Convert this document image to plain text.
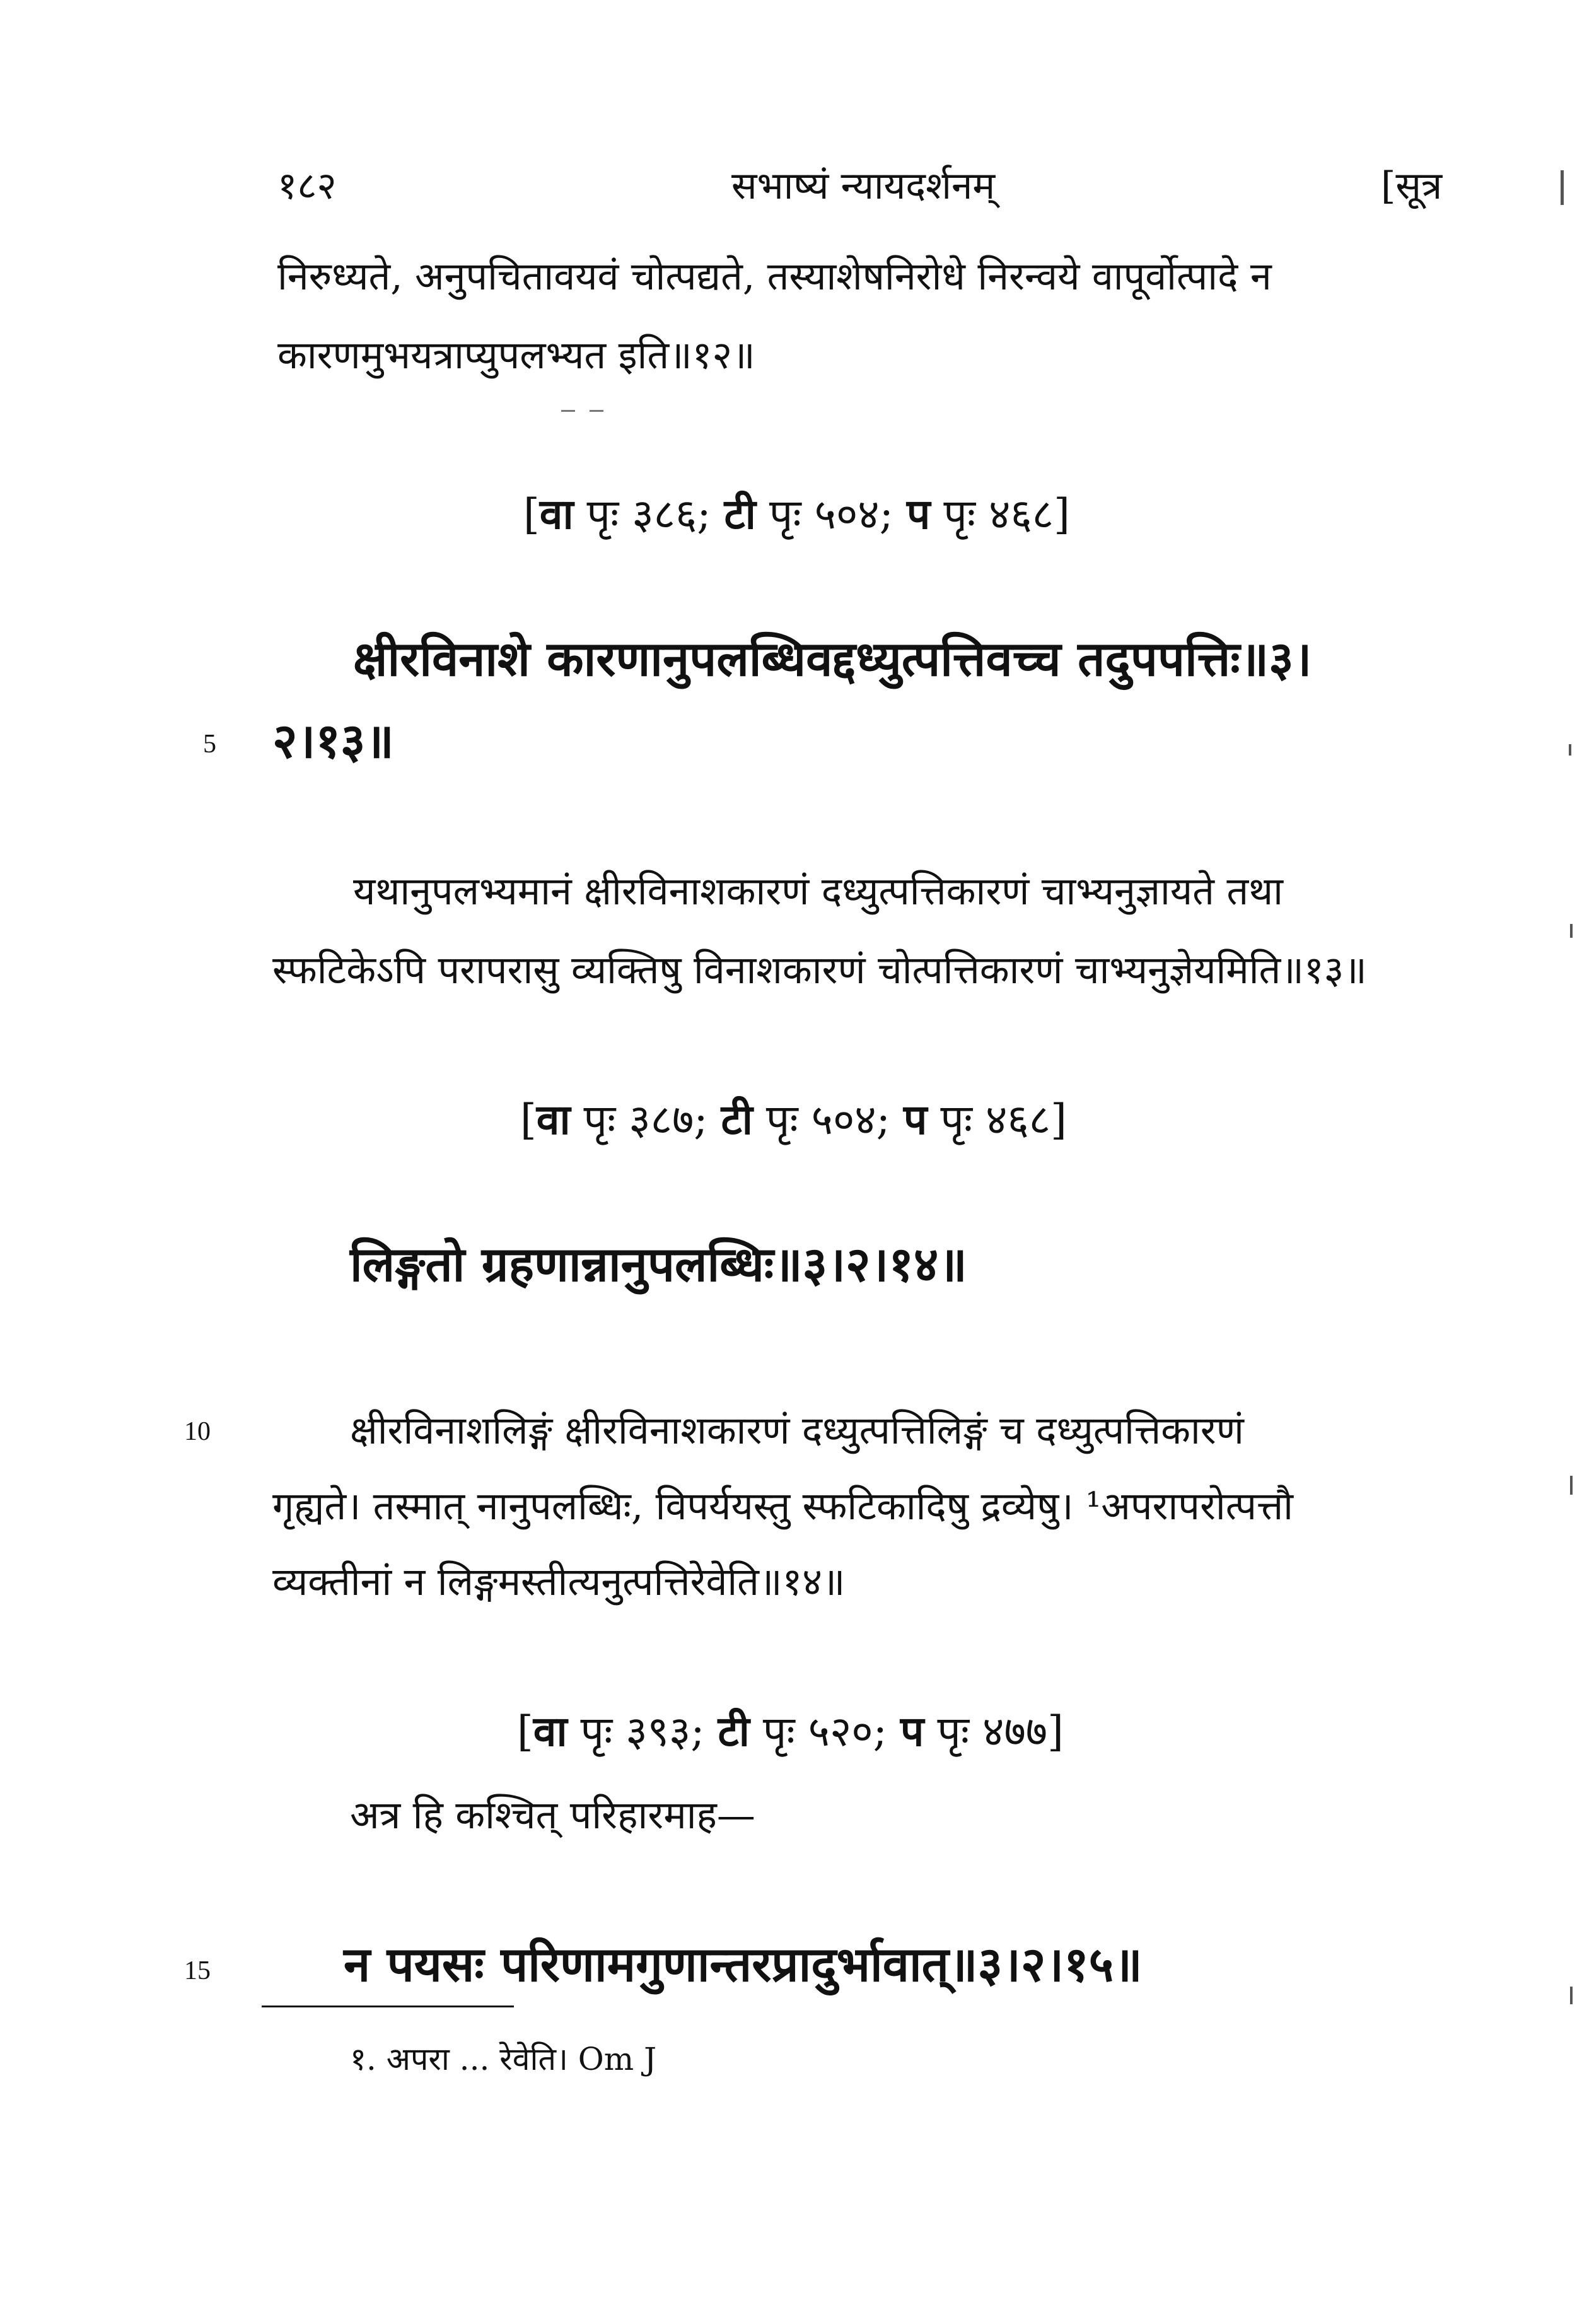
१८२	सभाष्यं न्यायदर्शनम्	[सूत्र
निरुध्यते, अनुपचितावयवं चोत्पद्यते, तस्याशेषनिरोधे निरन्वये वापूर्वोत्पादे न
कारणमुभयत्राप्युपलभ्यत इति॥१२॥
[वा पृः ३८६; टी पृः ५०४; प पृः ४६८]
क्षीरविनाशे कारणानुपलब्धिवद्दध्युत्पत्तिवच्च तदुपपत्तिः॥३।
5 २।१३॥
यथानुपलभ्यमानं क्षीरविनाशकारणं दध्युत्पत्तिकारणं चाभ्यनुज्ञायते तथा
स्फटिकेऽपि परापरासु व्यक्तिषु विनाशकारणं चोत्पत्तिकारणं चाभ्यनुज्ञेयमिति॥१३॥
[वा पृः ३८७; टी पृः ५०४; प पृः ४६८]
लिङ्गतो ग्रहणान्नानुपलब्धिः॥३।२।१४॥
10	क्षीरविनाशलिङ्गं क्षीरविनाशकारणं दध्युत्पत्तिलिङ्गं च दध्युत्पत्तिकारणं
गृह्यते। तस्मात् नानुपलब्धिः, विपर्ययस्तु स्फटिकादिषु द्रव्येषु। ¹अपरापरोत्पत्तौ
व्यक्तीनां न लिङ्गमस्तीत्यनुत्पत्तिरेवेति॥१४॥
[वा पृः ३९३; टी पृः ५२०; प पृः ४७७]
अत्र हि कश्चित् परिहारमाह—
15	न पयसः परिणामगुणान्तरप्रादुर्भावात्॥३।२।१५॥
१. अपरा ... रेवेति। Om J
